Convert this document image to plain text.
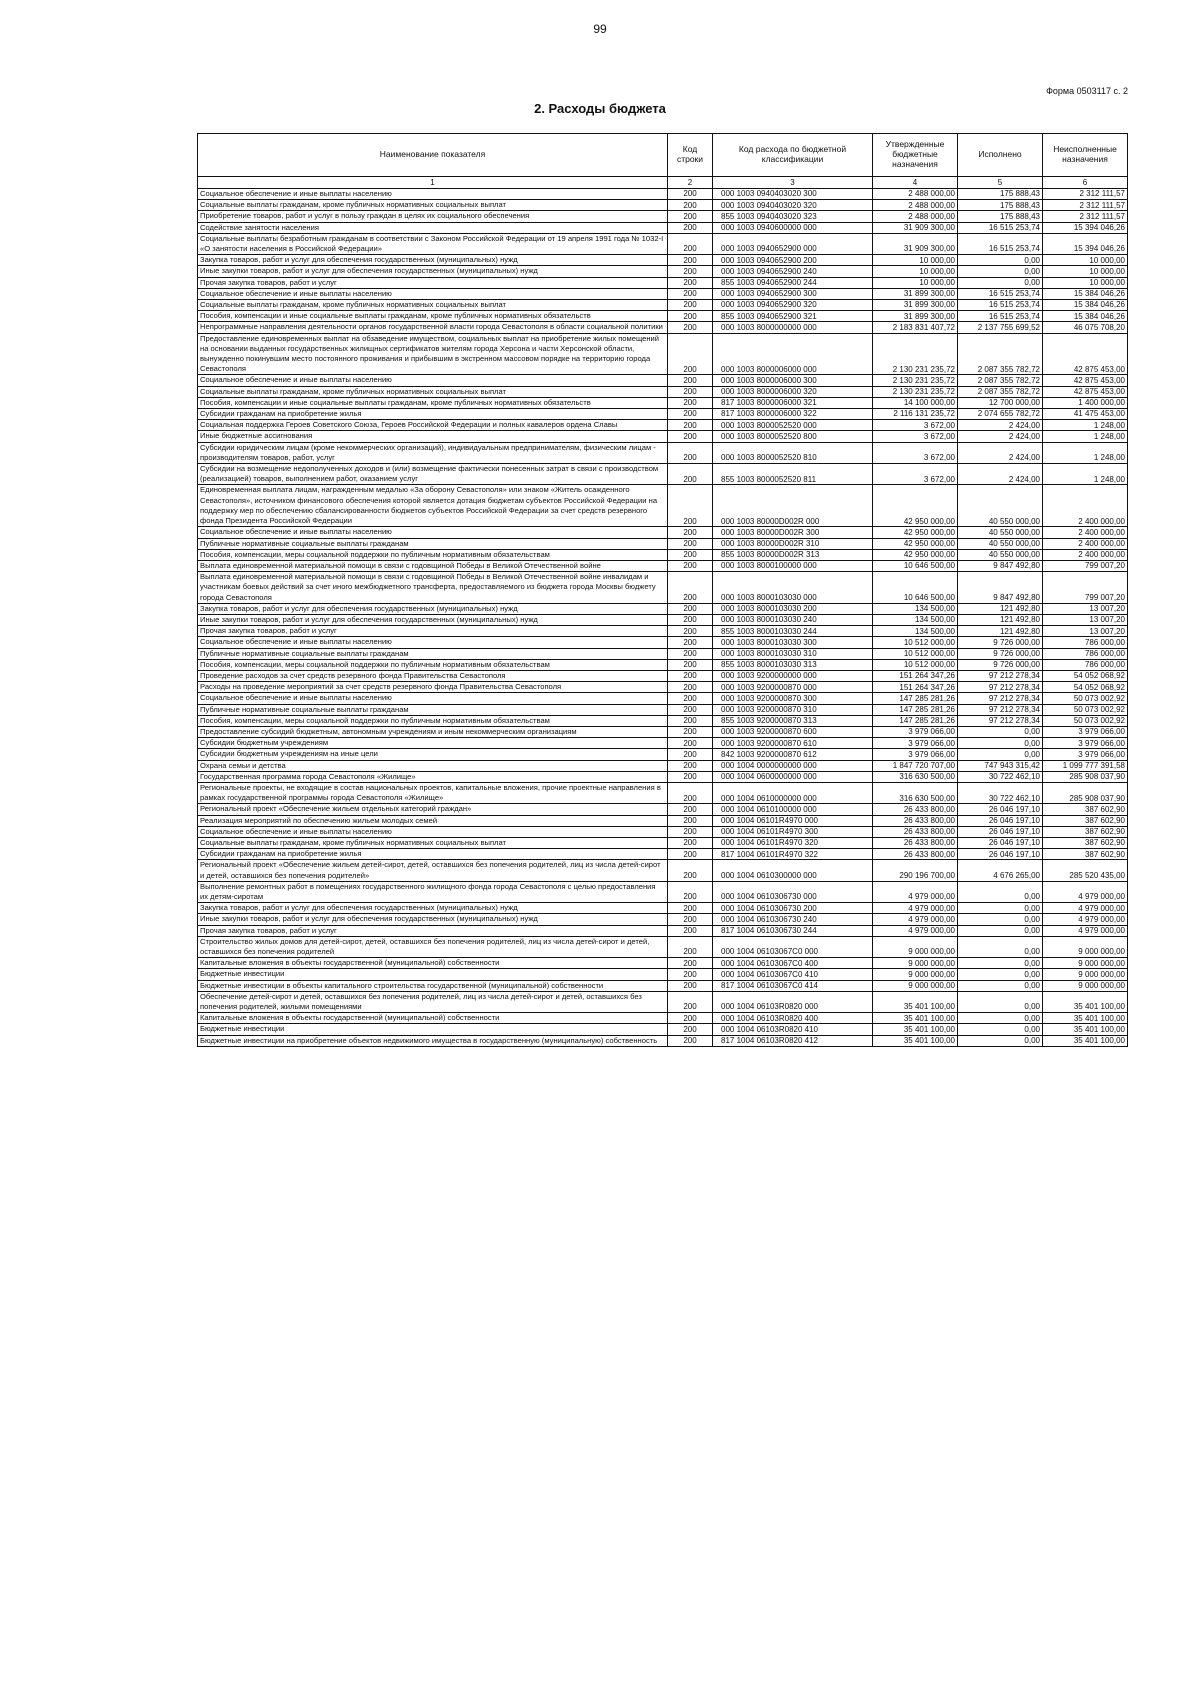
99
Форма 0503117 с. 2
2. Расходы бюджета
Наименование показателя	Код строки	Код расхода по бюджетной классификации	Утвержденные бюджетные назначения	Исполнено	Неисполненные назначения
1	2	3	4	5	6
Социальное обеспечение и иные выплаты населению	200	000 1003 0940403020 300	2 488 000,00	175 888,43	2 312 111,57
Социальные выплаты гражданам, кроме публичных нормативных социальных выплат	200	000 1003 0940403020 320	2 488 000,00	175 888,43	2 312 111,57
Приобретение товаров, работ и услуг в пользу граждан в целях их социального обеспечения	200	855 1003 0940403020 323	2 488 000,00	175 888,43	2 312 111,57
Содействие занятости населения	200	000 1003 0940600000 000	31 909 300,00	16 515 253,74	15 394 046,26
Социальные выплаты безработным гражданам в соответствии с Законом Российской Федерации от 19 апреля 1991 года № 1032-I «О занятости населения в Российской Федерации»	200	000 1003 0940652900 000	31 909 300,00	16 515 253,74	15 394 046,26
Закупка товаров, работ и услуг для обеспечения государственных (муниципальных) нужд	200	000 1003 0940652900 200	10 000,00	0,00	10 000,00
Иные закупки товаров, работ и услуг для обеспечения государственных (муниципальных) нужд	200	000 1003 0940652900 240	10 000,00	0,00	10 000,00
Прочая закупка товаров, работ и услуг	200	855 1003 0940652900 244	10 000,00	0,00	10 000,00
Социальное обеспечение и иные выплаты населению	200	000 1003 0940652900 300	31 899 300,00	16 515 253,74	15 384 046,26
Социальные выплаты гражданам, кроме публичных нормативных социальных выплат	200	000 1003 0940652900 320	31 899 300,00	16 515 253,74	15 384 046,26
Пособия, компенсации и иные социальные выплаты гражданам, кроме публичных нормативных обязательств	200	855 1003 0940652900 321	31 899 300,00	16 515 253,74	15 384 046,26
Непрограммные направления деятельности органов государственной власти города Севастополя в области социальной политики	200	000 1003 8000000000 000	2 183 831 407,72	2 137 755 699,52	46 075 708,20
Предоставление единовременных выплат на обзаведение имуществом, социальных выплат на приобретение жилых помещений на основании выданных государственных жилищных сертификатов жителям города Херсона и части Херсонской области, вынужденно покинувшим место постоянного проживания и прибывшим в экстренном массовом порядке на территорию города Севастополя	200	000 1003 8000006000 000	2 130 231 235,72	2 087 355 782,72	42 875 453,00
Социальное обеспечение и иные выплаты населению	200	000 1003 8000006000 300	2 130 231 235,72	2 087 355 782,72	42 875 453,00
Социальные выплаты гражданам, кроме публичных нормативных социальных выплат	200	000 1003 8000006000 320	2 130 231 235,72	2 087 355 782,72	42 875 453,00
Пособия, компенсации и иные социальные выплаты гражданам, кроме публичных нормативных обязательств	200	817 1003 8000006000 321	14 100 000,00	12 700 000,00	1 400 000,00
Субсидии гражданам на приобретение жилья	200	817 1003 8000006000 322	2 116 131 235,72	2 074 655 782,72	41 475 453,00
Социальная поддержка Героев Советского Союза, Героев Российской Федерации и полных кавалеров ордена Славы	200	000 1003 8000052520 000	3 672,00	2 424,00	1 248,00
Иные бюджетные ассигнования	200	000 1003 8000052520 800	3 672,00	2 424,00	1 248,00
Субсидии юридическим лицам (кроме некоммерческих организаций), индивидуальным предпринимателям, физическим лицам - производителям товаров, работ, услуг	200	000 1003 8000052520 810	3 672,00	2 424,00	1 248,00
Субсидии на возмещение недополученных доходов и (или) возмещение фактически понесенных затрат в связи с производством (реализацией) товаров, выполнением работ, оказанием услуг	200	855 1003 8000052520 811	3 672,00	2 424,00	1 248,00
Единовременная выплата лицам, награжденным медалью «За оборону Севастополя» или знаком «Житель осажденного Севастополя», источником финансового обеспечения которой является дотация бюджетам субъектов Российской Федерации на поддержку мер по обеспечению сбалансированности бюджетов субъектов Российской Федерации за счет средств резервного фонда Президента Российской Федерации	200	000 1003 80000D002R 000	42 950 000,00	40 550 000,00	2 400 000,00
Социальное обеспечение и иные выплаты населению	200	000 1003 80000D002R 300	42 950 000,00	40 550 000,00	2 400 000,00
Публичные нормативные социальные выплаты гражданам	200	000 1003 80000D002R 310	42 950 000,00	40 550 000,00	2 400 000,00
Пособия, компенсации, меры социальной поддержки по публичным нормативным обязательствам	200	855 1003 80000D002R 313	42 950 000,00	40 550 000,00	2 400 000,00
Выплата единовременной материальной помощи в связи с годовщиной Победы в Великой Отечественной войне	200	000 1003 8000100000 000	10 646 500,00	9 847 492,80	799 007,20
Выплата единовременной материальной помощи в связи с годовщиной Победы в Великой Отечественной войне инвалидам и участникам боевых действий за счет иного межбюджетного трансферта, предоставляемого из бюджета города Москвы бюджету города Севастополя	200	000 1003 8000103030 000	10 646 500,00	9 847 492,80	799 007,20
Закупка товаров, работ и услуг для обеспечения государственных (муниципальных) нужд	200	000 1003 8000103030 200	134 500,00	121 492,80	13 007,20
Иные закупки товаров, работ и услуг для обеспечения государственных (муниципальных) нужд	200	000 1003 8000103030 240	134 500,00	121 492,80	13 007,20
Прочая закупка товаров, работ и услуг	200	855 1003 8000103030 244	134 500,00	121 492,80	13 007,20
Социальное обеспечение и иные выплаты населению	200	000 1003 8000103030 300	10 512 000,00	9 726 000,00	786 000,00
Публичные нормативные социальные выплаты гражданам	200	000 1003 8000103030 310	10 512 000,00	9 726 000,00	786 000,00
Пособия, компенсации, меры социальной поддержки по публичным нормативным обязательствам	200	855 1003 8000103030 313	10 512 000,00	9 726 000,00	786 000,00
Проведение расходов за счет средств резервного фонда Правительства Севастополя	200	000 1003 9200000000 000	151 264 347,26	97 212 278,34	54 052 068,92
Расходы на проведение мероприятий за счет средств резервного фонда Правительства Севастополя	200	000 1003 9200000870 000	151 264 347,26	97 212 278,34	54 052 068,92
Социальное обеспечение и иные выплаты населению	200	000 1003 9200000870 300	147 285 281,26	97 212 278,34	50 073 002,92
Публичные нормативные социальные выплаты гражданам	200	000 1003 9200000870 310	147 285 281,26	97 212 278,34	50 073 002,92
Пособия, компенсации, меры социальной поддержки по публичным нормативным обязательствам	200	855 1003 9200000870 313	147 285 281,26	97 212 278,34	50 073 002,92
Предоставление субсидий бюджетным, автономным учреждениям и иным некоммерческим организациям	200	000 1003 9200000870 600	3 979 066,00	0,00	3 979 066,00
Субсидии бюджетным учреждениям	200	000 1003 9200000870 610	3 979 066,00	0,00	3 979 066,00
Субсидии бюджетным учреждениям на иные цели	200	842 1003 9200000870 612	3 979 066,00	0,00	3 979 066,00
Охрана семьи и детства	200	000 1004 0000000000 000	1 847 720 707,00	747 943 315,42	1 099 777 391,58
Государственная программа города Севастополя «Жилище»	200	000 1004 0600000000 000	316 630 500,00	30 722 462,10	285 908 037,90
Региональные проекты, не входящие в состав национальных проектов, капитальные вложения, прочие проектные направления в рамках государственной программы города Севастополя «Жилище»	200	000 1004 0610000000 000	316 630 500,00	30 722 462,10	285 908 037,90
Региональный проект «Обеспечение жильем отдельных категорий граждан»	200	000 1004 0610100000 000	26 433 800,00	26 046 197,10	387 602,90
Реализация мероприятий по обеспечению жильем молодых семей	200	000 1004 06101R4970 000	26 433 800,00	26 046 197,10	387 602,90
Социальное обеспечение и иные выплаты населению	200	000 1004 06101R4970 300	26 433 800,00	26 046 197,10	387 602,90
Социальные выплаты гражданам, кроме публичных нормативных социальных выплат	200	000 1004 06101R4970 320	26 433 800,00	26 046 197,10	387 602,90
Субсидии гражданам на приобретение жилья	200	817 1004 06101R4970 322	26 433 800,00	26 046 197,10	387 602,90
Региональный проект «Обеспечение жильем детей-сирот, детей, оставшихся без попечения родителей, лиц из числа детей-сирот и детей, оставшихся без попечения родителей»	200	000 1004 0610300000 000	290 196 700,00	4 676 265,00	285 520 435,00
Выполнение ремонтных работ в помещениях государственного жилищного фонда города Севастополя с целью предоставления их детям-сиротам	200	000 1004 0610306730 000	4 979 000,00	0,00	4 979 000,00
Закупка товаров, работ и услуг для обеспечения государственных (муниципальных) нужд	200	000 1004 0610306730 200	4 979 000,00	0,00	4 979 000,00
Иные закупки товаров, работ и услуг для обеспечения государственных (муниципальных) нужд	200	000 1004 0610306730 240	4 979 000,00	0,00	4 979 000,00
Прочая закупка товаров, работ и услуг	200	817 1004 0610306730 244	4 979 000,00	0,00	4 979 000,00
Строительство жилых домов для детей-сирот, детей, оставшихся без попечения родителей, лиц из числа детей-сирот и детей, оставшихся без попечения родителей	200	000 1004 06103067C0 000	9 000 000,00	0,00	9 000 000,00
Капитальные вложения в объекты государственной (муниципальной) собственности	200	000 1004 06103067C0 400	9 000 000,00	0,00	9 000 000,00
Бюджетные инвестиции	200	000 1004 06103067C0 410	9 000 000,00	0,00	9 000 000,00
Бюджетные инвестиции в объекты капитального строительства государственной (муниципальной) собственности	200	817 1004 06103067C0 414	9 000 000,00	0,00	9 000 000,00
Обеспечение детей-сирот и детей, оставшихся без попечения родителей, лиц из числа детей-сирот и детей, оставшихся без попечения родителей, жилыми помещениями	200	000 1004 06103R0820 000	35 401 100,00	0,00	35 401 100,00
Капитальные вложения в объекты государственной (муниципальной) собственности	200	000 1004 06103R0820 400	35 401 100,00	0,00	35 401 100,00
Бюджетные инвестиции	200	000 1004 06103R0820 410	35 401 100,00	0,00	35 401 100,00
Бюджетные инвестиции на приобретение объектов недвижимого имущества в государственную (муниципальную) собственность	200	817 1004 06103R0820 412	35 401 100,00	0,00	35 401 100,00
